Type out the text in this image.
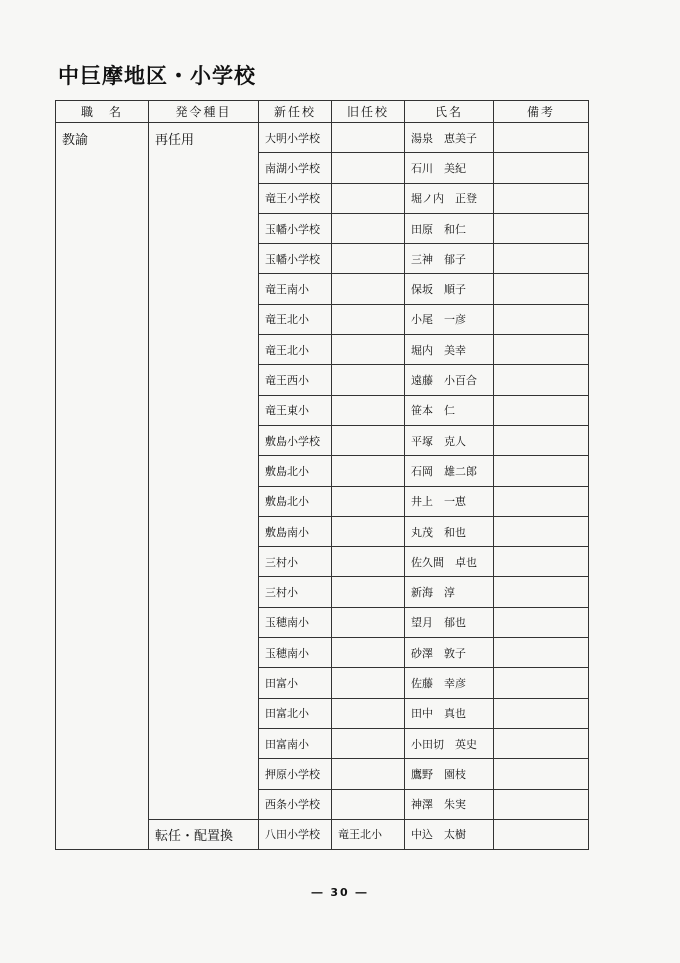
中巨摩地区・小学校
職　名	発令種目	新任校	旧任校	氏名	備考
教諭	再任用	大明小学校		湯泉　恵美子	
		南湖小学校		石川　美紀	
		竜王小学校		堀ノ内　正登	
		玉幡小学校		田原　和仁	
		玉幡小学校		三神　郁子	
		竜王南小		保坂　順子	
		竜王北小		小尾　一彦	
		竜王北小		堀内　美幸	
		竜王西小		遠藤　小百合	
		竜王東小		笹本　仁	
		敷島小学校		平塚　克人	
		敷島北小		石岡　雄二郎	
		敷島北小		井上　一恵	
		敷島南小		丸茂　和也	
		三村小		佐久間　卓也	
		三村小		新海　淳	
		玉穂南小		望月　郁也	
		玉穂南小		砂澤　敦子	
		田富小		佐藤　幸彦	
		田富北小		田中　真也	
		田富南小		小田切　英史	
		押原小学校		鷹野　園枝	
		西条小学校		神澤　朱実	
	転任・配置換	八田小学校	竜王北小	中込　太樹	
― 30 ―
